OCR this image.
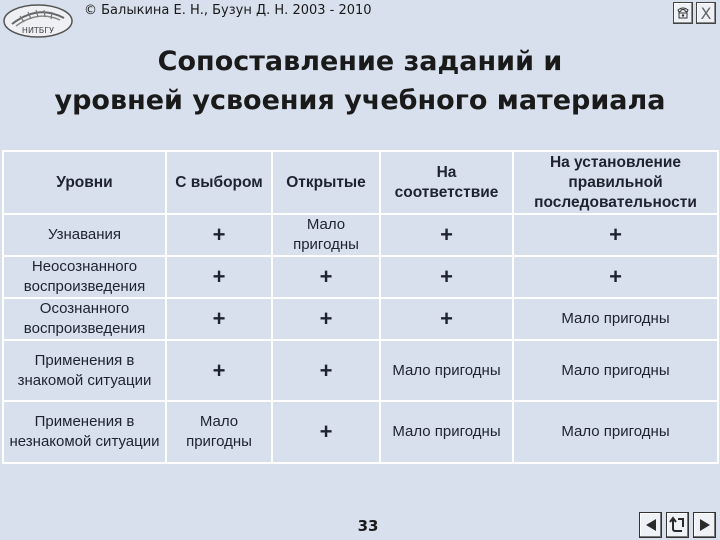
НИТБГУ
© Балыкина Е. Н., Бузун Д. Н. 2003 - 2010	Х
Сопоставление заданий и
уровней усвоения учебного материала
Уровни	С выбором	Открытые	На соответствие	На установление правильной последовательности
Узнавания	+	Мало пригодны	+	+
Неосознанного воспроизведения	+	+	+	+
Осознанного воспроизведения	+	+	+	Мало пригодны
Применения в знакомой ситуации	+	+	Мало пригодны	Мало пригодны
Применения в незнакомой ситуации	Мало пригодны	+	Мало пригодны	Мало пригодны
33
